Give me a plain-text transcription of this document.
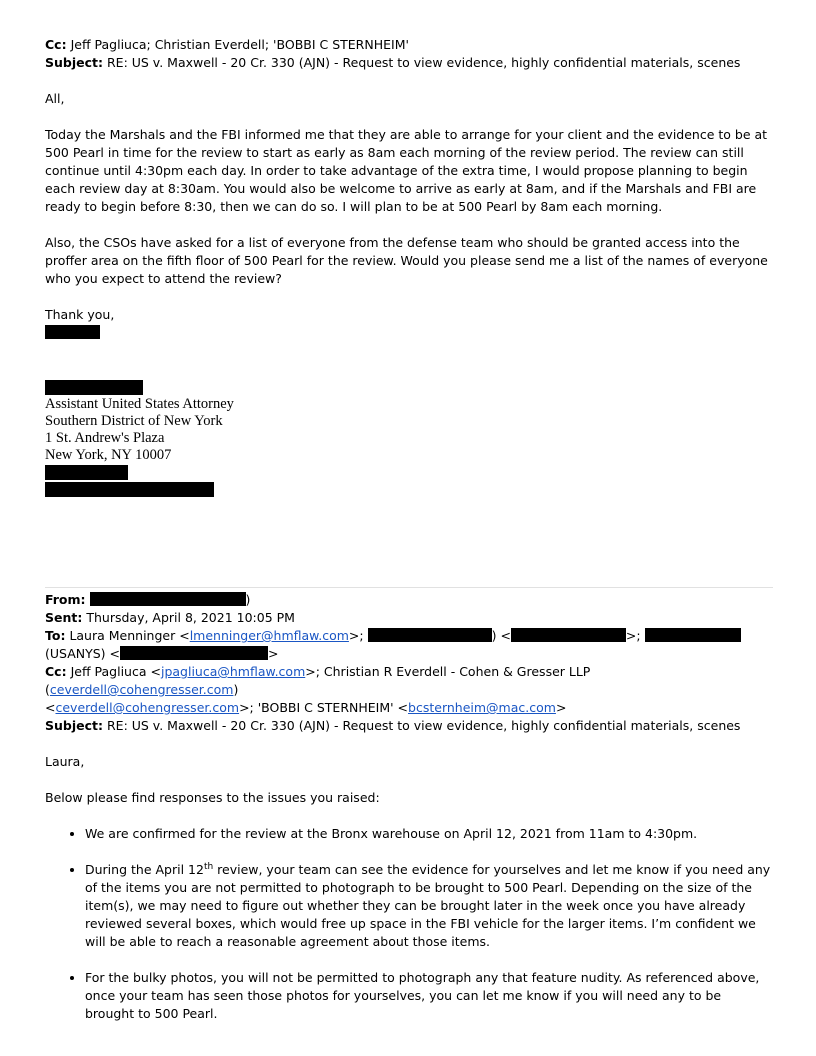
Cc: Jeff Pagliuca; Christian Everdell; 'BOBBI C STERNHEIM'
Subject: RE: US v. Maxwell - 20 Cr. 330 (AJN) - Request to view evidence, highly confidential materials, scenes

All,

Today the Marshals and the FBI informed me that they are able to arrange for your client and the evidence to be at 500 Pearl in time for the review to start as early as 8am each morning of the review period. The review can still continue until 4:30pm each day. In order to take advantage of the extra time, I would propose planning to begin each review day at 8:30am. You would also be welcome to arrive as early at 8am, and if the Marshals and FBI are ready to begin before 8:30, then we can do so. I will plan to be at 500 Pearl by 8am each morning.

Also, the CSOs have asked for a list of everyone from the defense team who should be granted access into the proffer area on the fifth floor of 500 Pearl for the review. Would you please send me a list of the names of everyone who you expect to attend the review?

Thank you,

Assistant United States Attorney
Southern District of New York
1 St. Andrew's Plaza
New York, NY 10007
From:	)
Sent: Thursday, April 8, 2021 10:05 PM
To: Laura Menninger <lmenninger@hmflaw.com>;	) <	>;
(USANYS) <	>
Cc: Jeff Pagliuca <jpagliuca@hmflaw.com>; Christian R Everdell - Cohen & Gresser LLP (ceverdell@cohengresser.com)
<ceverdell@cohengresser.com>; 'BOBBI C STERNHEIM' <bcsternheim@mac.com>
Subject: RE: US v. Maxwell - 20 Cr. 330 (AJN) - Request to view evidence, highly confidential materials, scenes

Laura,

Below please find responses to the issues you raised:

• We are confirmed for the review at the Bronx warehouse on April 12, 2021 from 11am to 4:30pm.
• During the April 12th review, your team can see the evidence for yourselves and let me know if you need any of the items you are not permitted to photograph to be brought to 500 Pearl. Depending on the size of the item(s), we may need to figure out whether they can be brought later in the week once you have already reviewed several boxes, which would free up space in the FBI vehicle for the larger items. I’m confident we will be able to reach a reasonable agreement about those items.
• For the bulky photos, you will not be permitted to photograph any that feature nudity. As referenced above, once your team has seen those photos for yourselves, you can let me know if you will need any to be brought to 500 Pearl.
